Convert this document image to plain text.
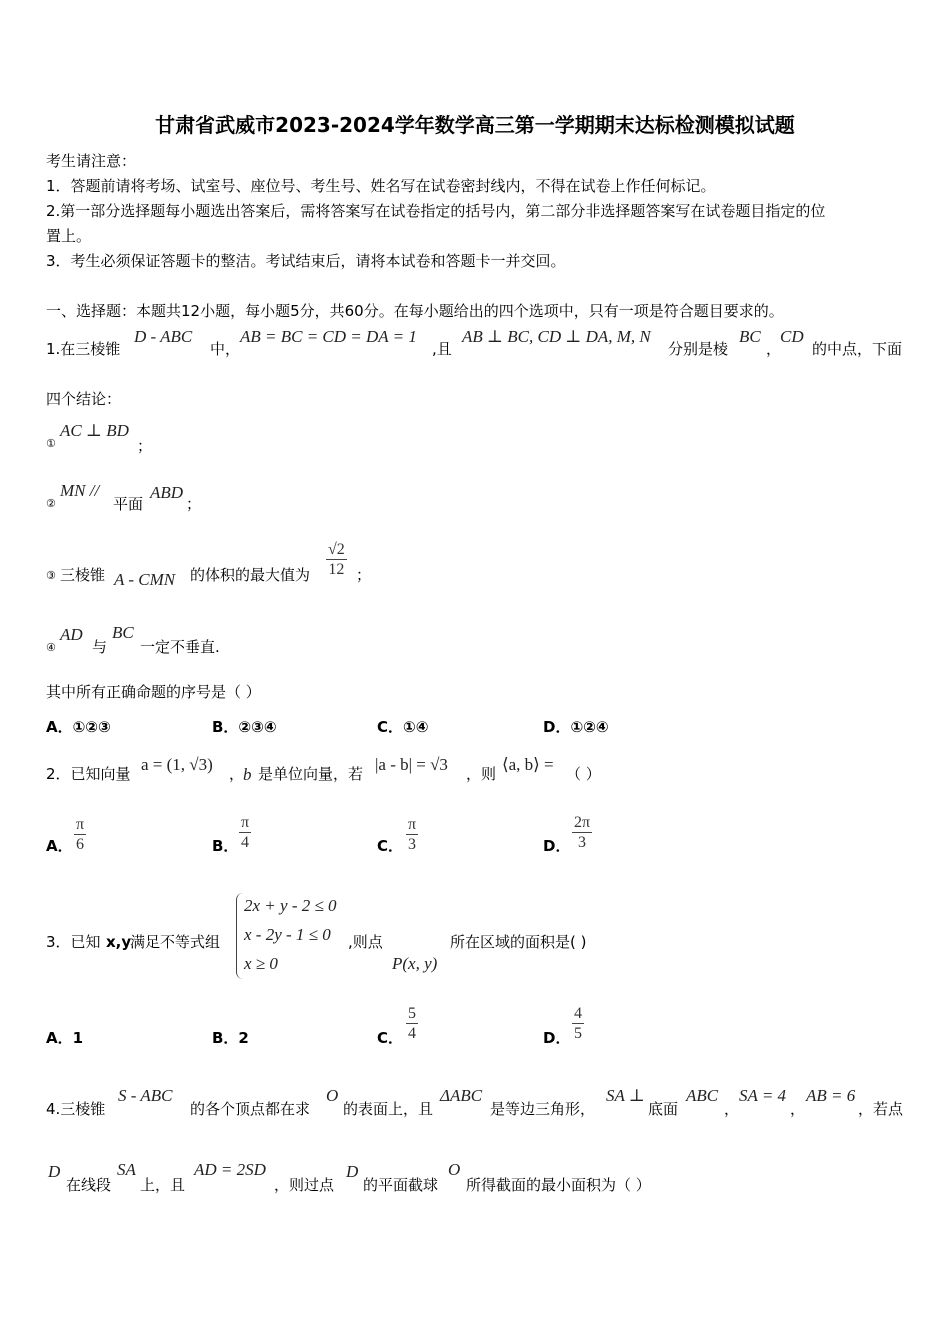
甘肃省武威市2023-2024学年数学高三第一学期期末达标检测模拟试题
考生请注意：
1．答题前请将考场、试室号、座位号、考生号、姓名写在试卷密封线内，不得在试卷上作任何标记。
2.第一部分选择题每小题选出答案后，需将答案写在试卷指定的括号内，第二部分非选择题答案写在试卷题目指定的位
置上。
3．考生必须保证答题卡的整洁。考试结束后，请将本试卷和答题卡一并交回。
一、选择题：本题共12小题，每小题5分，共60分。在每小题给出的四个选项中，只有一项是符合题目要求的。
1.在三棱锥
D - ABC
中，
AB = BC = CD = DA = 1
,且
AB ⊥ BC, CD ⊥ DA, M, N
分别是棱
BC
，
CD
的中点，下面
四个结论：
①
AC ⊥ BD
；
②
MN //
平面
ABD
；
③ 三棱锥 A - CMN 的体积的最大值为 $\frac{√2}{12}$ ；
④
AD
与
BC
一定不垂直.
其中所有正确命题的序号是（ ）
A．①②③	B．②③④	C．①④	D．①②④
2．已知向量 a = (1, √3) ，
b 是单位向量，若 |a - b| = √3 ，则 ⟨a, b⟩ = （ ）
A． $\frac{\pi}{6}$	B． $\frac{\pi}{4}$	C． $\frac{\pi}{3}$	D． $\frac{2\pi}{3}$
3．已知 x,y
满足不等式组
2x + y - 2 ≤ 0
x - 2y - 1 ≤ 0
x ≥ 0
,则点
P(x, y)
所在区域的面积是( )
A．1	B．2	C． $\frac{5}{4}$	D． $\frac{4}{5}$
4.三棱锥
S - ABC
的各个顶点都在求
O
的表面上，且
ΔABC
是等边三角形，
SA ⊥
底面
ABC
，
SA = 4
，
AB = 6
，若点
D
在线段
SA
上，且
AD = 2SD
，则过点
D
的平面截球
O
所得截面的最小面积为（ ）
